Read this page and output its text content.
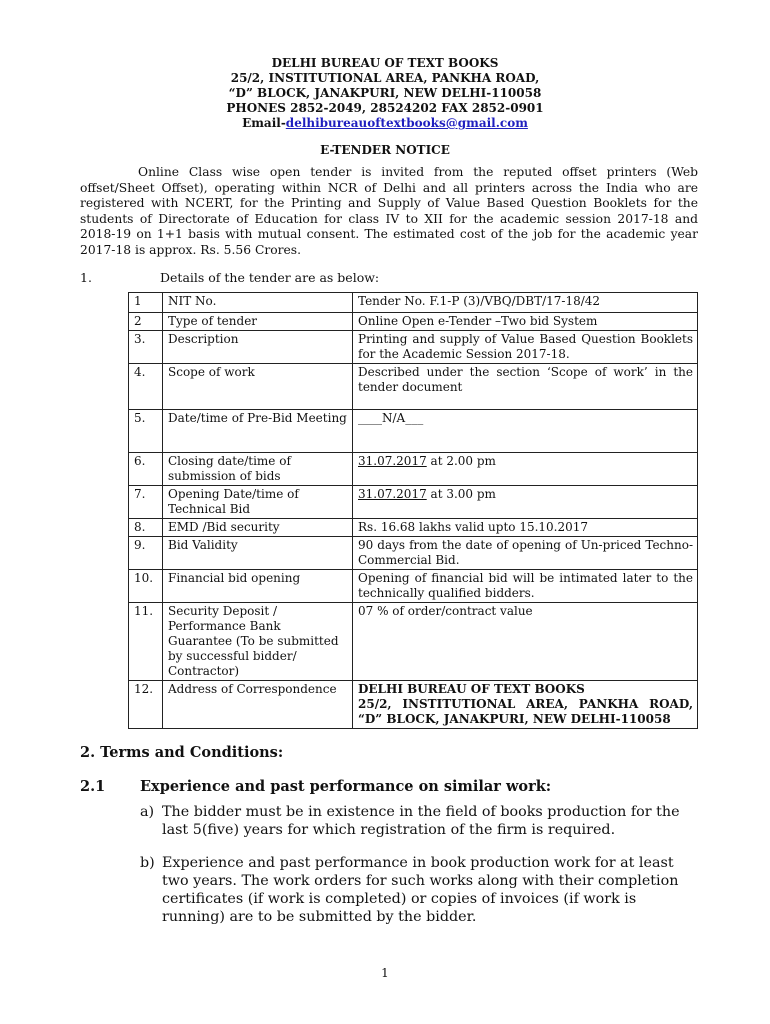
DELHI BUREAU OF TEXT BOOKS
25/2, INSTITUTIONAL AREA, PANKHA ROAD,
“D” BLOCK, JANAKPURI, NEW DELHI-110058
PHONES 2852-2049, 28524202 FAX 2852-0901
Email-delhibureauoftextbooks@gmail.com
E-TENDER NOTICE
Online Class wise open tender is invited from the reputed offset printers (Web offset/Sheet Offset), operating within NCR of Delhi and all printers across the India who are registered with NCERT, for the Printing and Supply of Value Based Question Booklets for the students of Directorate of Education for class IV to XII for the academic session 2017-18 and 2018-19 on 1+1 basis with mutual consent. The estimated cost of the job for the academic year 2017-18 is approx. Rs. 5.56 Crores.
1.	Details of the tender are as below:
1	NIT No.	Tender No. F.1-P (3)/VBQ/DBT/17-18/42
2	Type of tender	Online Open e-Tender –Two bid System
3.	Description	Printing and supply of Value Based Question Booklets for the Academic Session 2017-18.
4.	Scope of work	Described under the section ‘Scope of work’ in the tender document
5.	Date/time of Pre-Bid Meeting	____N/A___
6.	Closing date/time of submission of bids	31.07.2017 at 2.00 pm
7.	Opening Date/time of Technical Bid	31.07.2017 at 3.00 pm
8.	EMD /Bid security	Rs. 16.68 lakhs valid upto 15.10.2017
9.	Bid Validity	90 days from the date of opening of Un-priced Techno-Commercial Bid.
10.	Financial bid opening	Opening of financial bid will be intimated later to the technically qualified bidders.
11.	Security Deposit / Performance Bank Guarantee (To be submitted by successful bidder/ Contractor)	07 % of order/contract value
12.	Address of Correspondence	DELHI BUREAU OF TEXT BOOKS
25/2, INSTITUTIONAL AREA, PANKHA ROAD,
“D” BLOCK, JANAKPURI, NEW DELHI-110058
2. Terms and Conditions:
2.1 Experience and past performance on similar work:
a) The bidder must be in existence in the field of books production for the last 5(five) years for which registration of the firm is required.
b) Experience and past performance in book production work for at least two years. The work orders for such works along with their completion certificates (if work is completed) or copies of invoices (if work is running) are to be submitted by the bidder.
1
